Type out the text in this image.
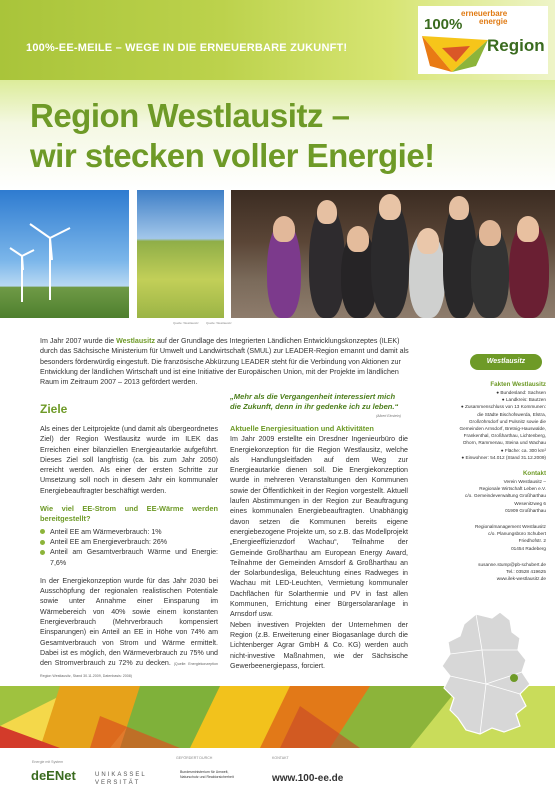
100%-EE-MEILE – WEGE IN DIE ERNEUERBARE ZUKUNFT!
100%
erneuerbare
energie
Region
Region Westlausitz –
wir stecken voller Energie!
Quelle: Westlausitz Quelle: Westlausitz
Im Jahr 2007 wurde die Westlausitz auf der Grundlage des Integrierten Ländlichen Entwicklungskonzeptes (ILEK) durch das Sächsische Ministerium für Umwelt und Landwirtschaft (SMUL) zur LEADER-Region ernannt und damit als besonders förderwürdig eingestuft. Die französische Abkürzung LEADER steht für die Verbindung von Aktionen zur Entwicklung der ländlichen Wirtschaft und ist eine Initiative der Europäischen Union, mit der Projekte im ländlichen Raum im Zeitraum 2007 – 2013 gefördert werden.
Ziele
Als eines der Leitprojekte (und damit als übergeordnetes Ziel) der Region Westlausitz wurde im ILEK das Erreichen einer bilanziellen Energieautarkie aufgeführt. Dieses Ziel soll langfristig (ca. bis zum Jahr 2050) erreicht werden. Als einer der ersten Schritte zur Umsetzung soll noch in diesem Jahr ein kommunaler Energiebeauftragter beschäftigt werden.
Wie viel EE-Strom und EE-Wärme werden bereitgestellt?
Anteil EE am Wärmeverbrauch: 1%
Anteil EE am Energieverbrauch: 26%
Anteil am Gesamtverbrauch Wärme und Energie: 7,6%
In der Energiekonzeption wurde für das Jahr 2030 bei Ausschöpfung der regionalen realistischen Potentiale sowie unter Annahme einer Einsparung im Wärmebereich von 40% sowie einem konstanten Energieverbrauch (Mehrverbrauch kompensiert Einsparungen) ein Anteil an EE in Höhe von 74% am Gesamtverbrauch von Strom und Wärme ermittelt. Dabei ist es möglich, den Wärmeverbrauch zu 75% und den Stromverbrauch zu 72% zu decken. (Quelle: Energiekonzeption Region Westlausitz, Stand 30.11.2009, Datenbasis: 2008)
„Mehr als die Vergangenheit interessiert mich die Zukunft, denn in ihr gedenke ich zu leben.“
(Albert Einstein)
Aktuelle Energiesituation und Aktivitäten
Im Jahr 2009 erstellte ein Dresdner Ingenieurbüro die Energiekonzeption für die Region Westlausitz, welche als Handlungsleitfaden auf dem Weg zur Energieautarkie dienen soll. Die Energiekonzeption wurde in mehreren Veranstaltungen den Kommunen sowie der Öffentlichkeit in der Region vorgestellt. Aktuell laufen Abstimmungen in der Region zur Beauftragung eines kommunalen Energiebeauftragten. Unabhängig davon setzen die Kommunen bereits eigene energiebezogene Projekte um, so z.B. das Modellprojekt „Energieeffizienzdorf Wachau“, Teilnahme der Gemeinde Großharthau am European Energy Award, Teilnahme der Gemeinden Arnsdorf & Großharthau an der Solarbundesliga, Beleuchtung eines Radweges in Wachau mit LED-Leuchten, Vermietung kommunaler Dachflächen für Solarthermie und PV in fast allen Kommunen, Errichtung einer Bürgersolaranlage in Arnsdorf usw.
Neben investiven Projekten der Unternehmen der Region (z.B. Erweiterung einer Biogasanlage durch die Lichtenberger Agrar GmbH & Co. KG) werden auch nicht-investive Maßnahmen, wie der Sächsische Gewerbeenergiepass, forciert.
Westlausitz
Fakten Westlausitz
● Bundesland: Sachsen
● Landkreis: Bautzen
● Zusammenschluss von 13 Kommunen:
die Städte Bischofswerda, Elstra,
Großröhrsdorf und Pulsnitz sowie die
Gemeinden Arnsdorf, Bretnig-Hauswalde,
Frankenthal, Großharthau, Lichtenberg,
Ohorn, Rammenau, Steina und Wachau
● Fläche: ca. 300 km²
● Einwohner: 54.012 (Stand 31.12.2009)
Kontakt
Verein Westlausitz –
Regionale Wirtschaft Leben e.V.
c/o. Gemeindeverwaltung Großharthau
Wesenitzweg 6
01909 Großharthau
Regionalmanagement Westlausitz
c/o. Planungsbüro Schubert
Friedhofstr. 2
01454 Radeberg
susanne.stump@pb-schubert.de
Tel.: 03528 419625
www.ilek-westlausitz.de
Energie mit System
deENet	UNIKASSEL
VERSITÄT
GEFÖRDERT DURCH
Bundesministerium für Umwelt, Naturschutz und Reaktorsicherheit
KONTAKT
www.100-ee.de
